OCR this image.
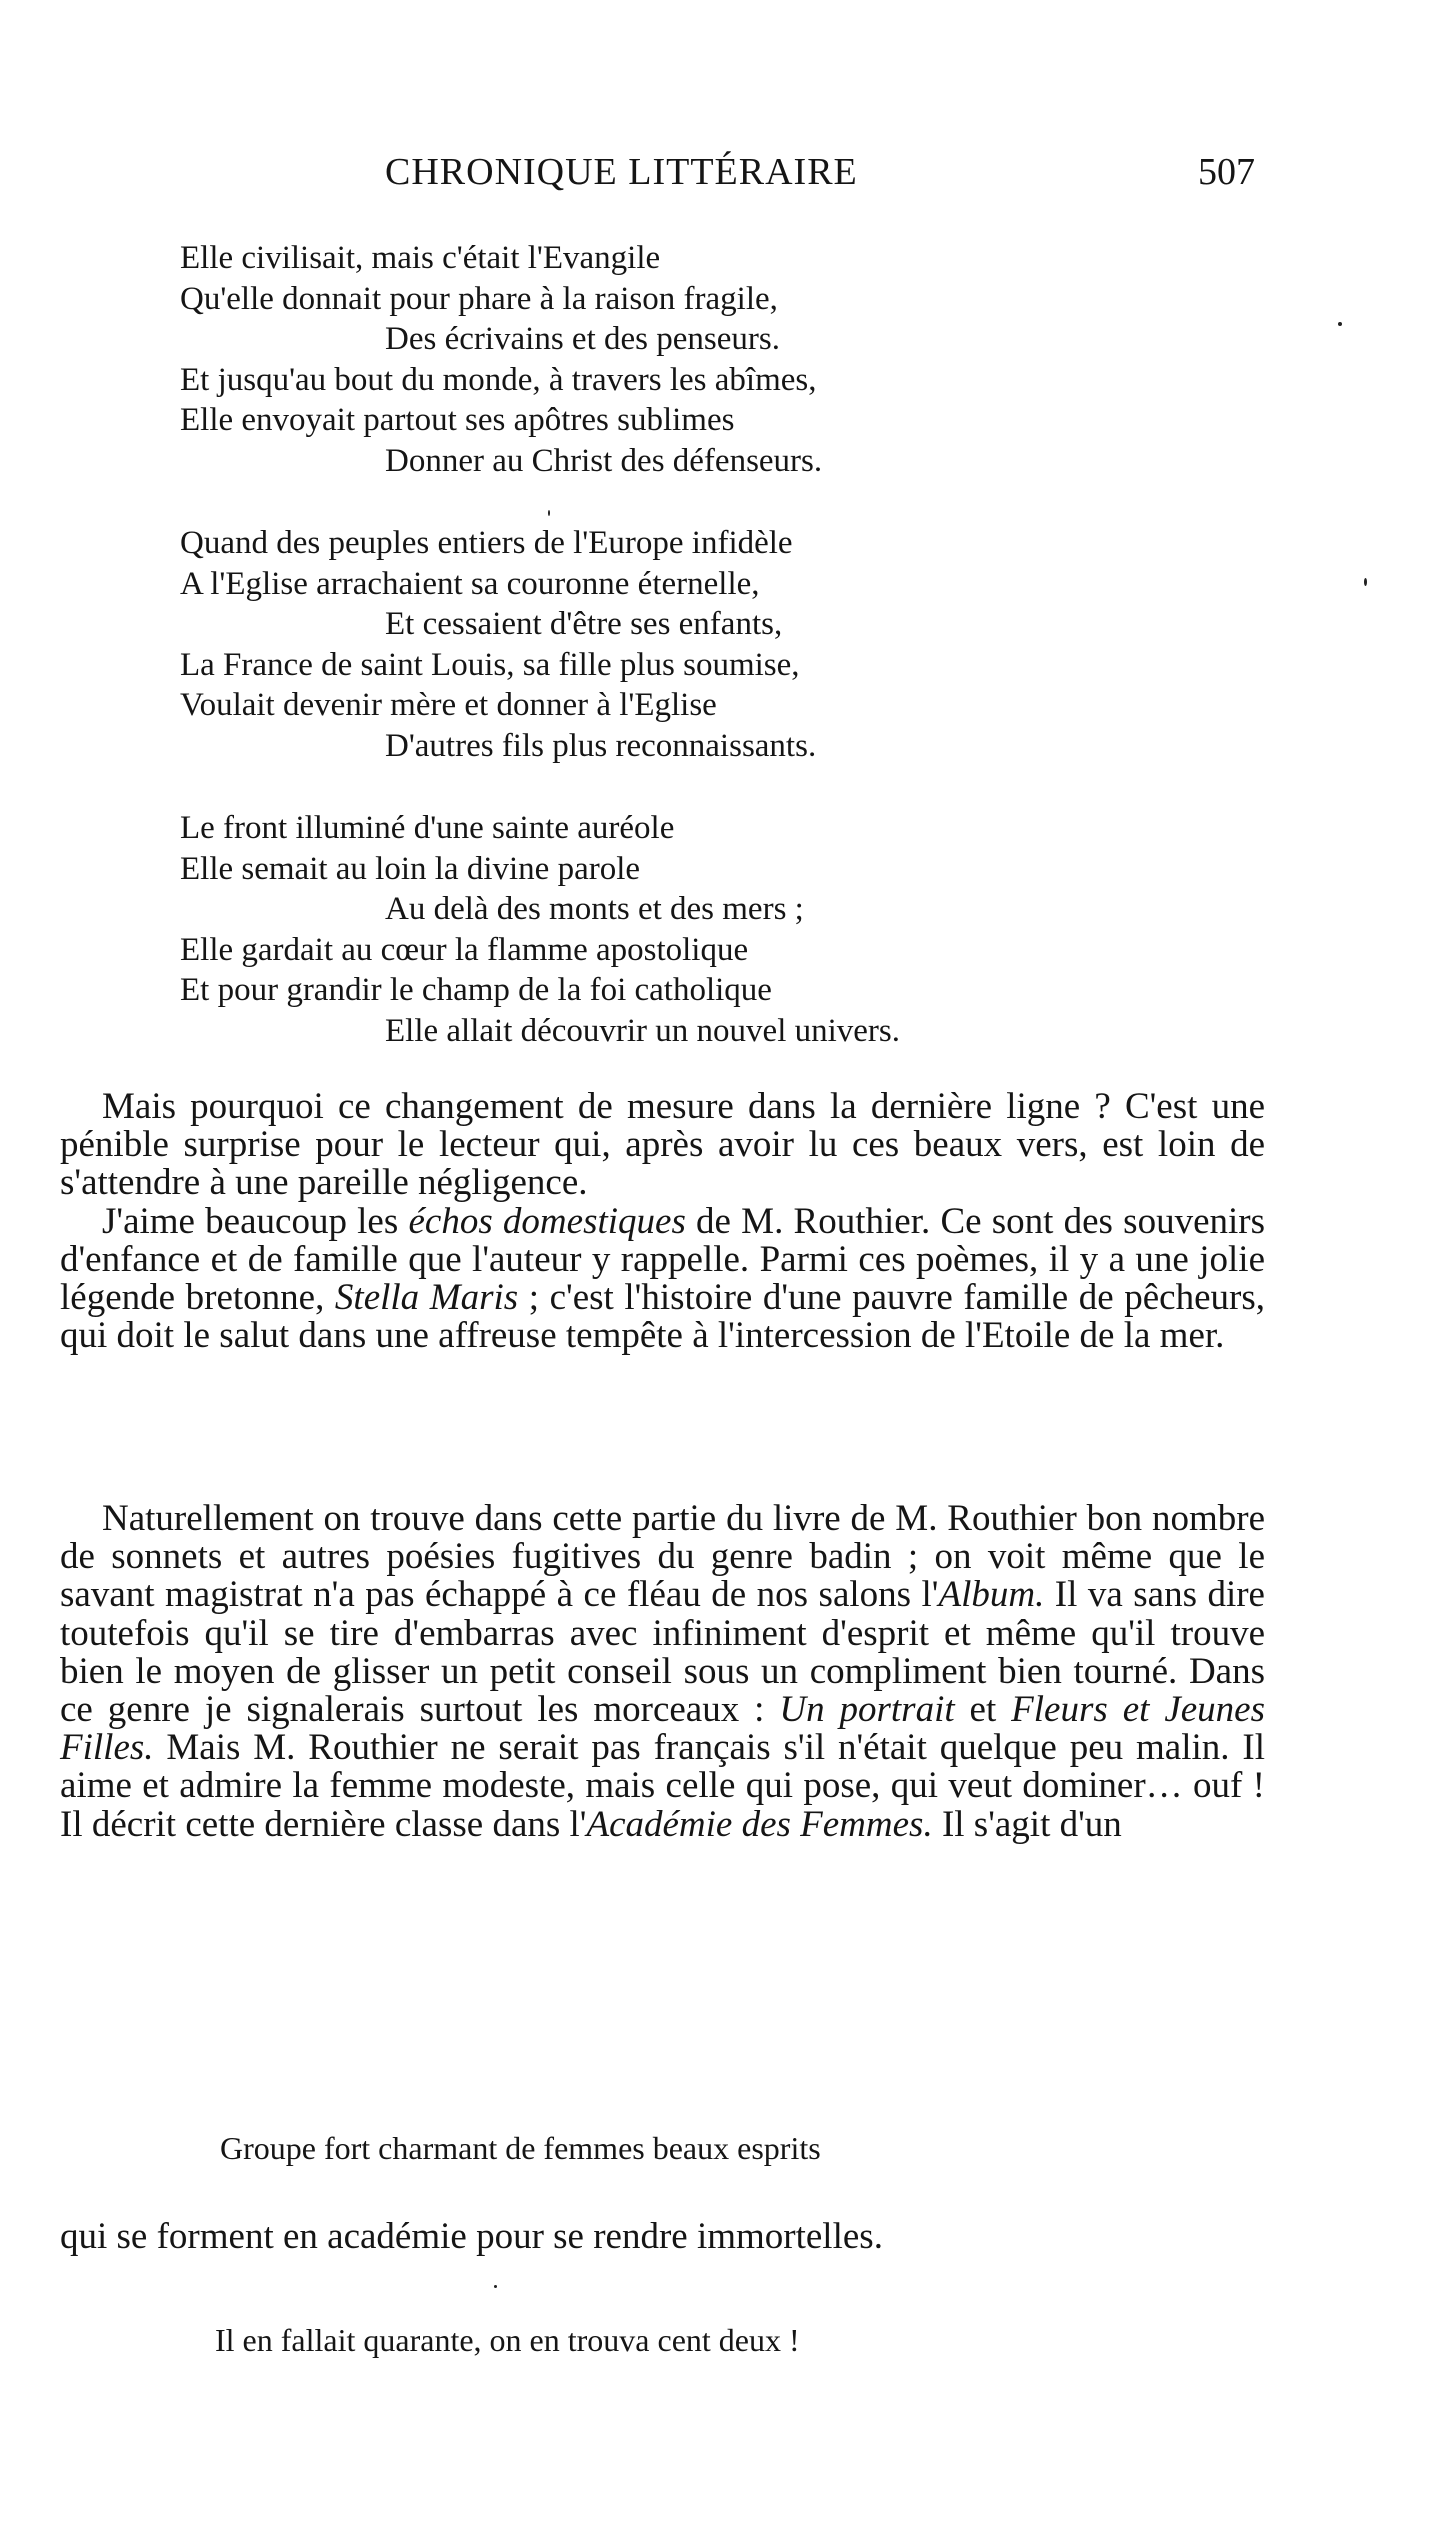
CHRONIQUE LITTÉRAIRE	507
Elle civilisait, mais c'était l'Evangile
Qu'elle donnait pour phare à la raison fragile,
Des écrivains et des penseurs.
Et jusqu'au bout du monde, à travers les abîmes,
Elle envoyait partout ses apôtres sublimes
Donner au Christ des défenseurs.
Quand des peuples entiers de l'Europe infidèle
A l'Eglise arrachaient sa couronne éternelle,
Et cessaient d'être ses enfants,
La France de saint Louis, sa fille plus soumise,
Voulait devenir mère et donner à l'Eglise
D'autres fils plus reconnaissants.
Le front illuminé d'une sainte auréole
Elle semait au loin la divine parole
Au delà des monts et des mers ;
Elle gardait au cœur la flamme apostolique
Et pour grandir le champ de la foi catholique
Elle allait découvrir un nouvel univers.

Mais pourquoi ce changement de mesure dans la dernière ligne ? C'est une pénible surprise pour le lecteur qui, après avoir lu ces beaux vers, est loin de s'attendre à une pareille négligence.

J'aime beaucoup les échos domestiques de M. Routhier. Ce sont des souvenirs d'enfance et de famille que l'auteur y rappelle. Parmi ces poèmes, il y a une jolie légende bretonne, Stella Maris ; c'est l'histoire d'une pauvre famille de pêcheurs, qui doit le salut dans une affreuse tempête à l'intercession de l'Etoile de la mer.

Naturellement on trouve dans cette partie du livre de M. Routhier bon nombre de sonnets et autres poésies fugitives du genre badin ; on voit même que le savant magistrat n'a pas échappé à ce fléau de nos salons l'Album. Il va sans dire toutefois qu'il se tire d'embarras avec infiniment d'esprit et même qu'il trouve bien le moyen de glisser un petit conseil sous un compliment bien tourné. Dans ce genre je signalerais surtout les morceaux : Un portrait et Fleurs et Jeunes Filles. Mais M. Routhier ne serait pas français s'il n'était quelque peu malin. Il aime et admire la femme modeste, mais celle qui pose, qui veut dominer… ouf ! Il décrit cette dernière classe dans l'Académie des Femmes. Il s'agit d'un

Groupe fort charmant de femmes beaux esprits
qui se forment en académie pour se rendre immortelles.
Il en fallait quarante, on en trouva cent deux !
